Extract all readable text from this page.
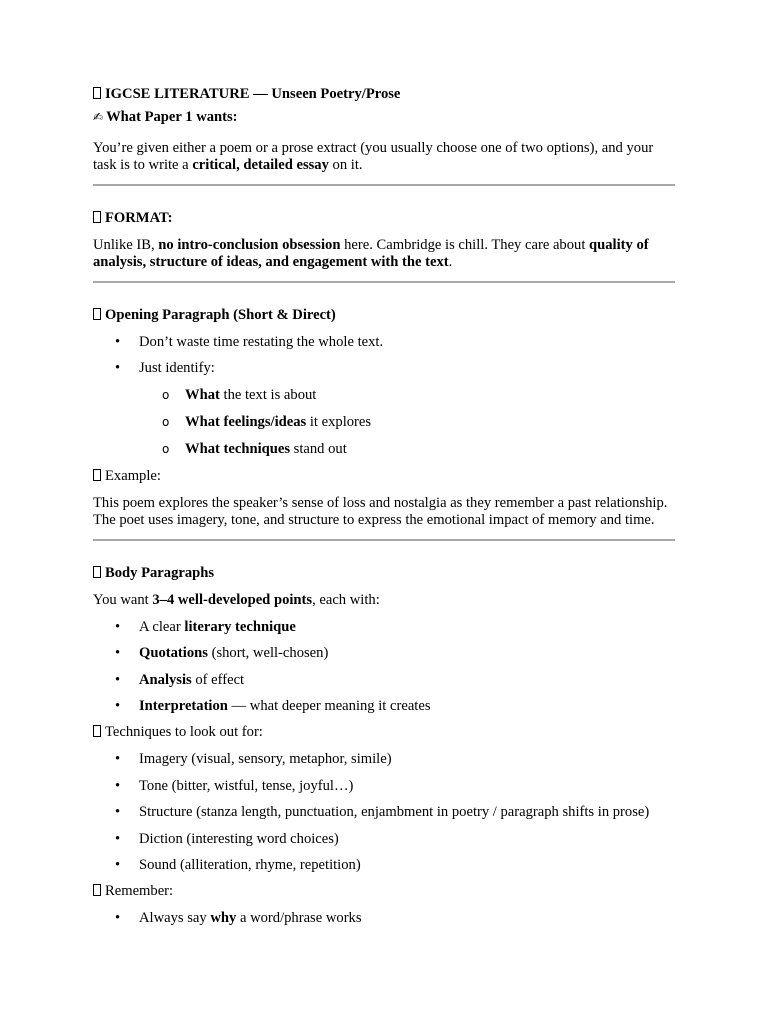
IGCSE LITERATURE — Unseen Poetry/Prose

✍ What Paper 1 wants:

You’re given either a poem or a prose extract (you usually choose one of two options), and your task is to write a critical, detailed essay on it.

FORMAT:

Unlike IB, no intro-conclusion obsession here. Cambridge is chill. They care about quality of analysis, structure of ideas, and engagement with the text.

Opening Paragraph (Short & Direct)

• Don’t waste time restating the whole text.
• Just identify:
o What the text is about
o What feelings/ideas it explores
o What techniques stand out

Example:

This poem explores the speaker’s sense of loss and nostalgia as they remember a past relationship. The poet uses imagery, tone, and structure to express the emotional impact of memory and time.

Body Paragraphs

You want 3–4 well-developed points, each with:

• A clear literary technique
• Quotations (short, well-chosen)
• Analysis of effect
• Interpretation — what deeper meaning it creates

Techniques to look out for:

• Imagery (visual, sensory, metaphor, simile)
• Tone (bitter, wistful, tense, joyful…)
• Structure (stanza length, punctuation, enjambment in poetry / paragraph shifts in prose)
• Diction (interesting word choices)
• Sound (alliteration, rhyme, repetition)

Remember:

• Always say why a word/phrase works
